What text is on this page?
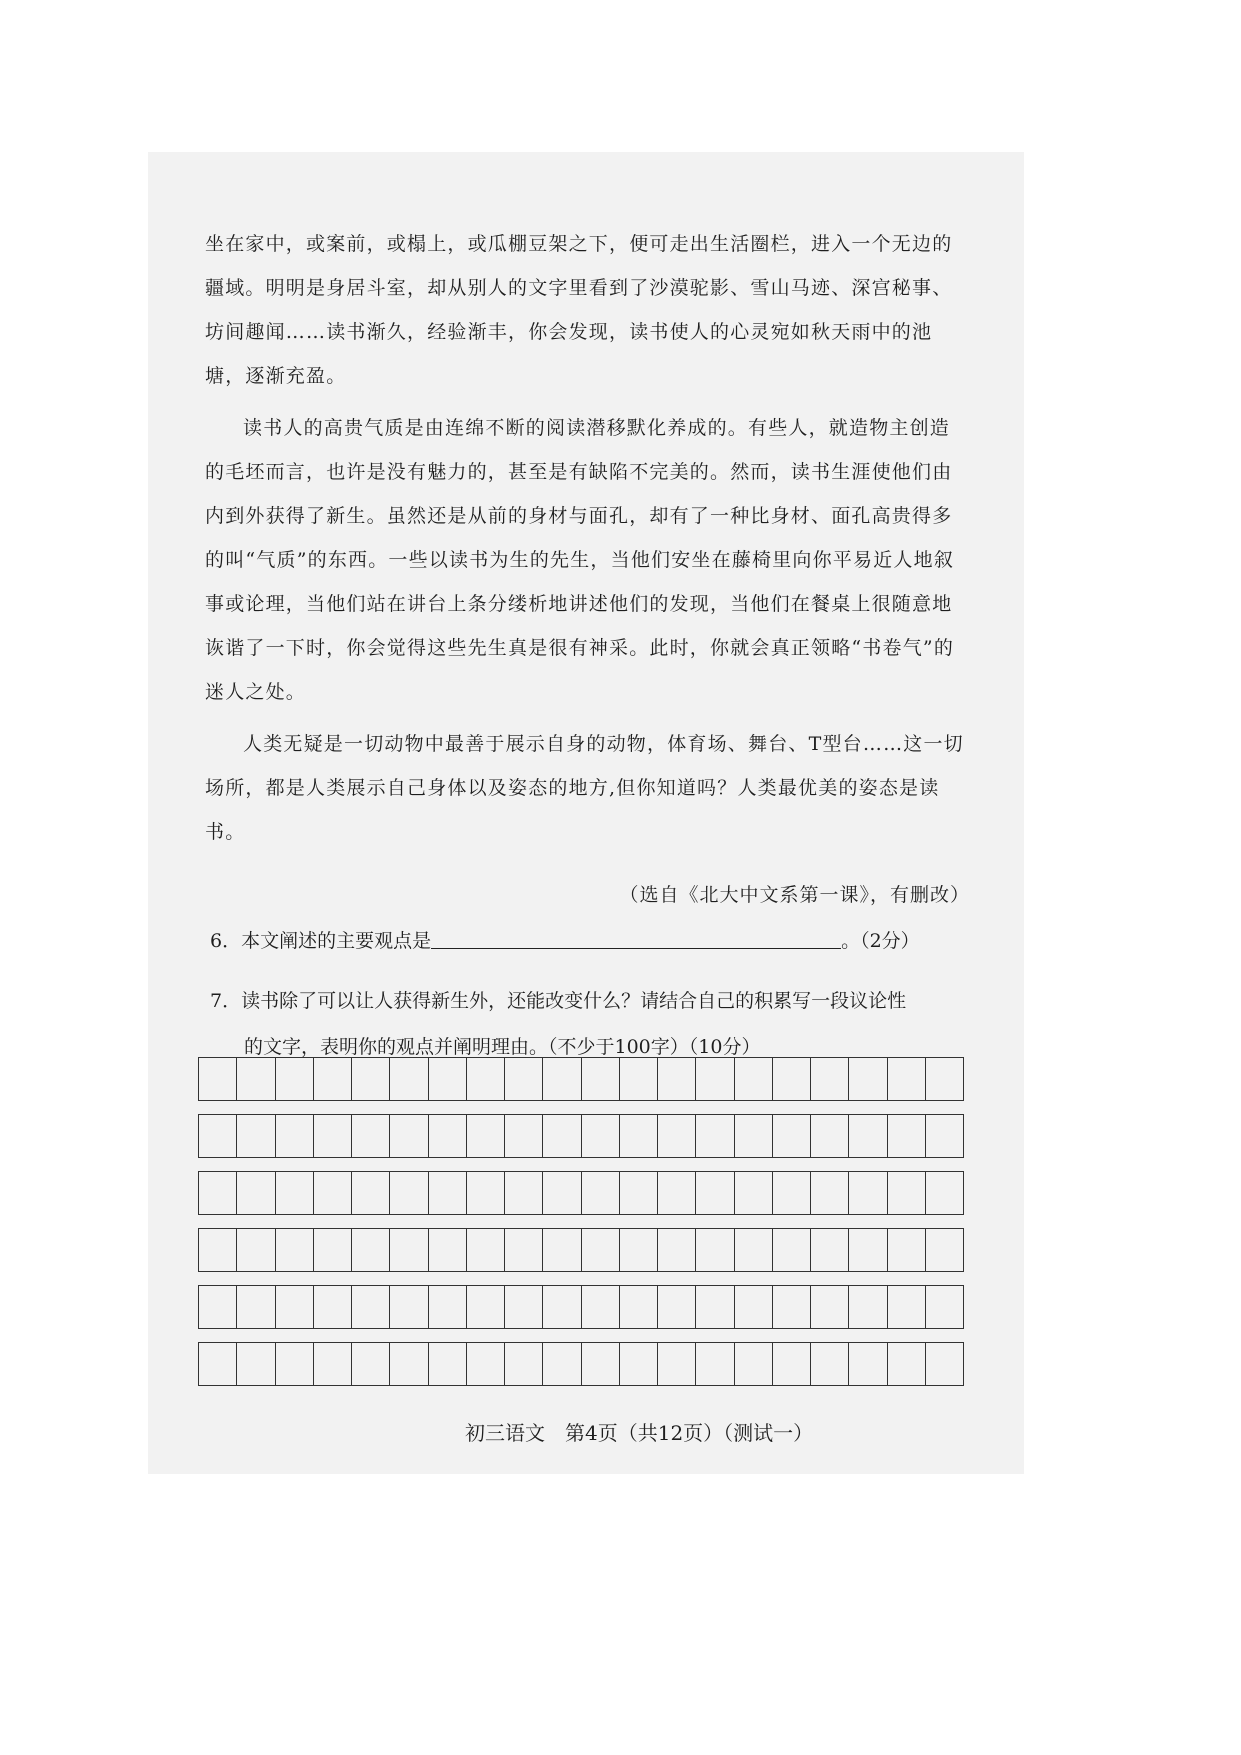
坐在家中，或案前，或榻上，或瓜棚豆架之下，便可走出生活圈栏，进入一个无边的疆域。明明是身居斗室，却从别人的文字里看到了沙漠驼影、雪山马迹、深宫秘事、坊间趣闻……读书渐久，经验渐丰，你会发现，读书使人的心灵宛如秋天雨中的池塘，逐渐充盈。

读书人的高贵气质是由连绵不断的阅读潜移默化养成的。有些人，就造物主创造的毛坯而言，也许是没有魅力的，甚至是有缺陷不完美的。然而，读书生涯使他们由内到外获得了新生。虽然还是从前的身材与面孔，却有了一种比身材、面孔高贵得多的叫“气质”的东西。一些以读书为生的先生，当他们安坐在藤椅里向你平易近人地叙事或论理，当他们站在讲台上条分缕析地讲述他们的发现，当他们在餐桌上很随意地诙谐了一下时，你会觉得这些先生真是很有神采。此时，你就会真正领略“书卷气”的迷人之处。

人类无疑是一切动物中最善于展示自身的动物，体育场、舞台、T型台……这一切场所，都是人类展示自己身体以及姿态的地方,但你知道吗？人类最优美的姿态是读书。

（选自《北大中文系第一课》，有删改）
6．本文阐述的主要观点是	。（2分）
7．读书除了可以让人获得新生外，还能改变什么？请结合自己的积累写一段议论性
的文字，表明你的观点并阐明理由。（不少于100字）（10分）
初三语文　第4页（共12页）（测试一）
